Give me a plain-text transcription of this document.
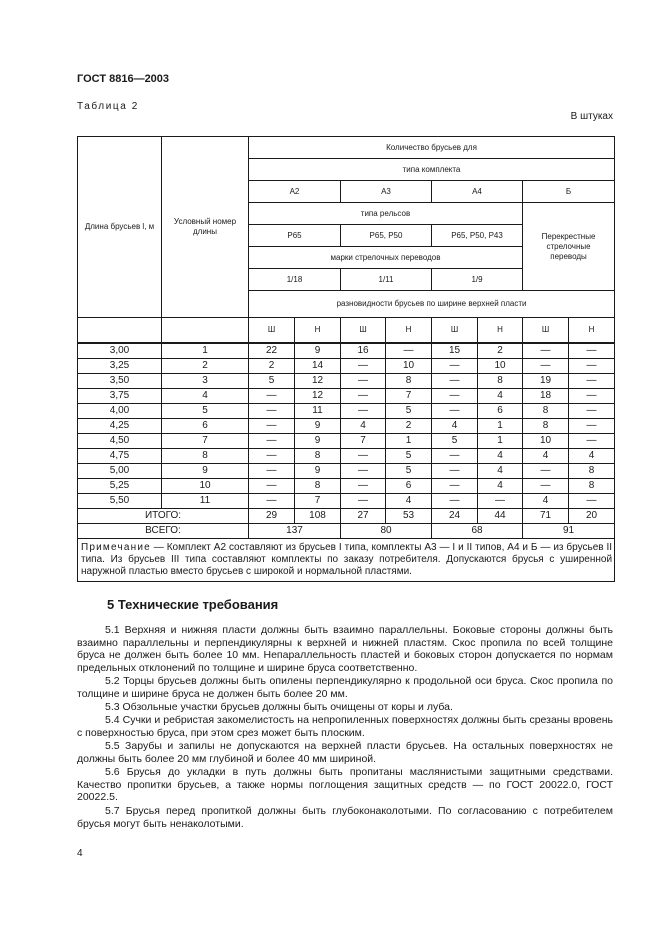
ГОСТ 8816—2003
Таблица 2
В штуках
Длина брусьев l, м	Условный номер длины	Количество брусьев для							
		типа комплекта							
		А2		А3		А4		Б	
		типа рельсов						Перекрестные стрелочные переводы	
		Р65		Р65, Р50		Р65, Р50, Р43			
		марки стрелочных переводов							
		1/18		1/11		1/9			
		разновидности брусьев по ширине верхней пласти							
		Ш	Н	Ш	Н	Ш	Н	Ш	Н
3,00	1	22	9	16	—	15	2	—	—
3,25	2	2	14	—	10	—	10	—	—
3,50	3	5	12	—	8	—	8	19	—
3,75	4	—	12	—	7	—	4	18	—
4,00	5	—	11	—	5	—	6	8	—
4,25	6	—	9	4	2	4	1	8	—
4,50	7	—	9	7	1	5	1	10	—
4,75	8	—	8	—	5	—	4	4	4
5,00	9	—	9	—	5	—	4	—	8
5,25	10	—	8	—	6	—	4	—	8
5,50	11	—	7	—	4	—	—	4	—
ИТОГО:		29	108	27	53	24	44	71	20
ВСЕГО:		137		80		68		91	
Примечание — Комплект А2 составляют из брусьев I типа, комплекты А3 — I и II типов, А4 и Б — из брусьев II типа. Из брусьев III типа составляют комплекты по заказу потребителя. Допускаются брусья с уширенной наружной пластью вместо брусьев с широкой и нормальной пластями.									
5 Технические требования
5.1 Верхняя и нижняя пласти должны быть взаимно параллельны. Боковые стороны должны быть взаимно параллельны и перпендикулярны к верхней и нижней пластям. Скос пропила по всей толщине бруса не должен быть более 10 мм. Непараллельность пластей и боковых сторон допускается по нормам предельных отклонений по толщине и ширине бруса соответственно.
5.2 Торцы брусьев должны быть опилены перпендикулярно к продольной оси бруса. Скос пропила по толщине и ширине бруса не должен быть более 20 мм.
5.3 Обзольные участки брусьев должны быть очищены от коры и луба.
5.4 Сучки и ребристая закомелистость на непропиленных поверхностях должны быть срезаны вровень с поверхностью бруса, при этом срез может быть плоским.
5.5 Зарубы и запилы не допускаются на верхней пласти брусьев. На остальных поверхностях не должны быть более 20 мм глубиной и более 40 мм шириной.
5.6 Брусья до укладки в путь должны быть пропитаны маслянистыми защитными средствами. Качество пропитки брусьев, а также нормы поглощения защитных средств — по ГОСТ 20022.0, ГОСТ 20022.5.
5.7 Брусья перед пропиткой должны быть глубоконаколотыми. По согласованию с потребителем брусья могут быть ненаколотыми.
4
